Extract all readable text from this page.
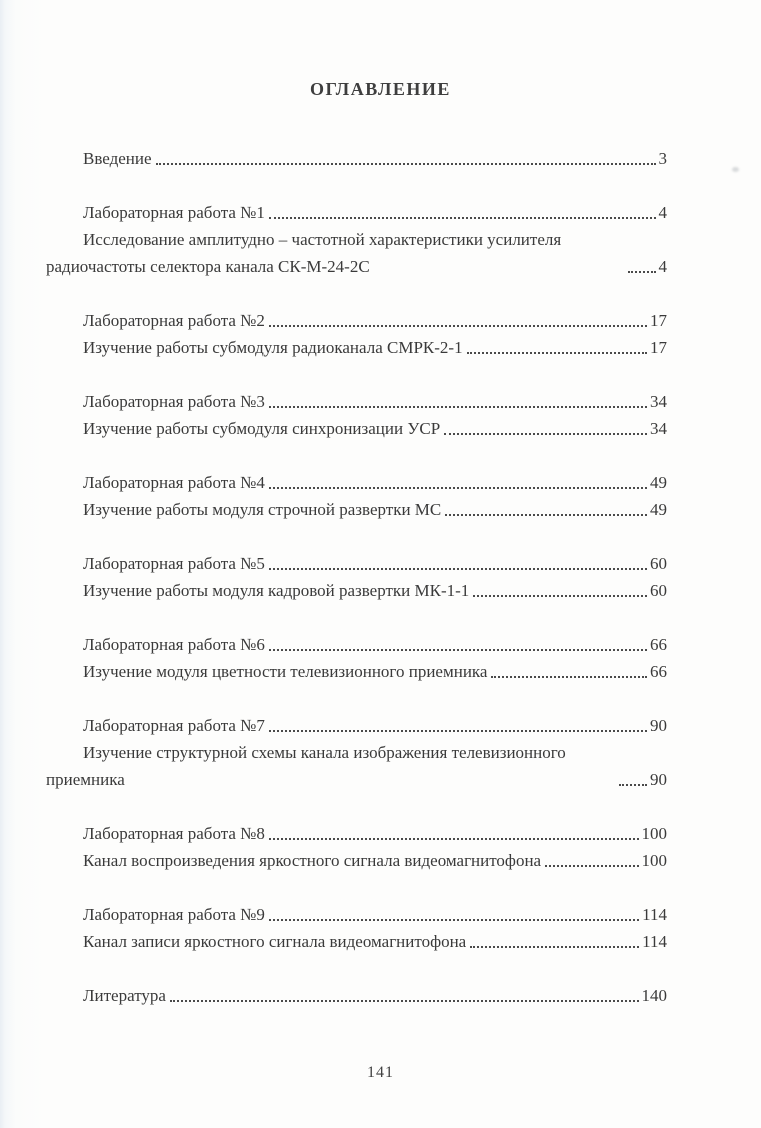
ОГЛАВЛЕНИЕ
Введение	3
Лабораторная работа №1	4
Исследование амплитудно – частотной характеристики усилителя радиочастоты селектора канала СК-М-24-2С	4
Лабораторная работа №2	17
Изучение работы субмодуля радиоканала СМРК-2-1	17
Лабораторная работа №3	34
Изучение работы субмодуля синхронизации УСР	34
Лабораторная работа №4	49
Изучение работы модуля строчной развертки МС	49
Лабораторная работа №5	60
Изучение работы модуля кадровой развертки МК-1-1	60
Лабораторная работа №6	66
Изучение модуля цветности телевизионного приемника	66
Лабораторная работа №7	90
Изучение структурной схемы канала изображения телевизионного приемника	90
Лабораторная работа №8	100
Канал воспроизведения яркостного сигнала видеомагнитофона	100
Лабораторная работа №9	114
Канал записи яркостного сигнала видеомагнитофона	114
Литература	140
141
